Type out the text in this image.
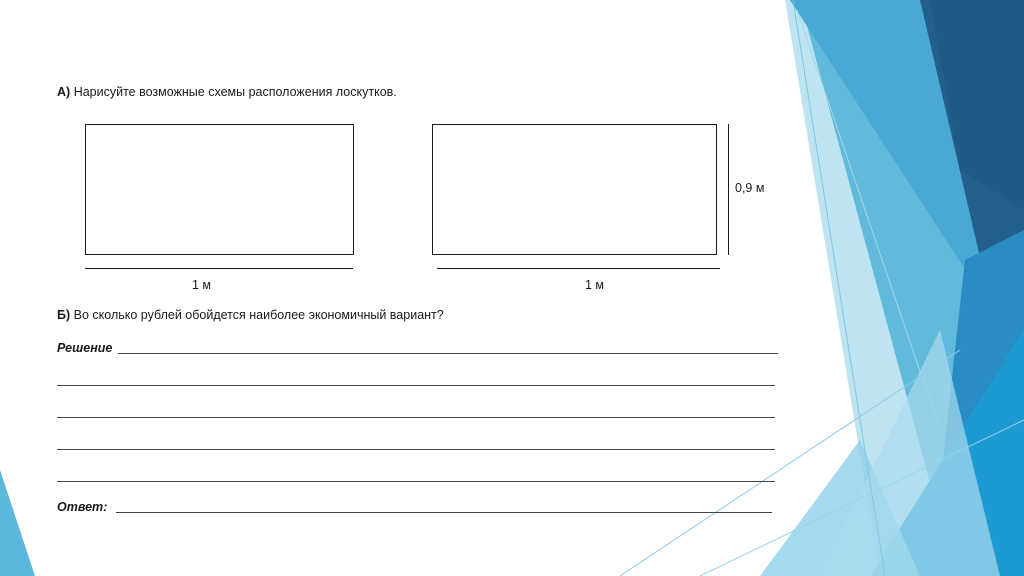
А) Нарисуйте возможные схемы расположения лоскутков.
1 м	1 м
0,9 м
Б) Во сколько рублей обойдется наиболее экономичный вариант?
Решение
Ответ:
